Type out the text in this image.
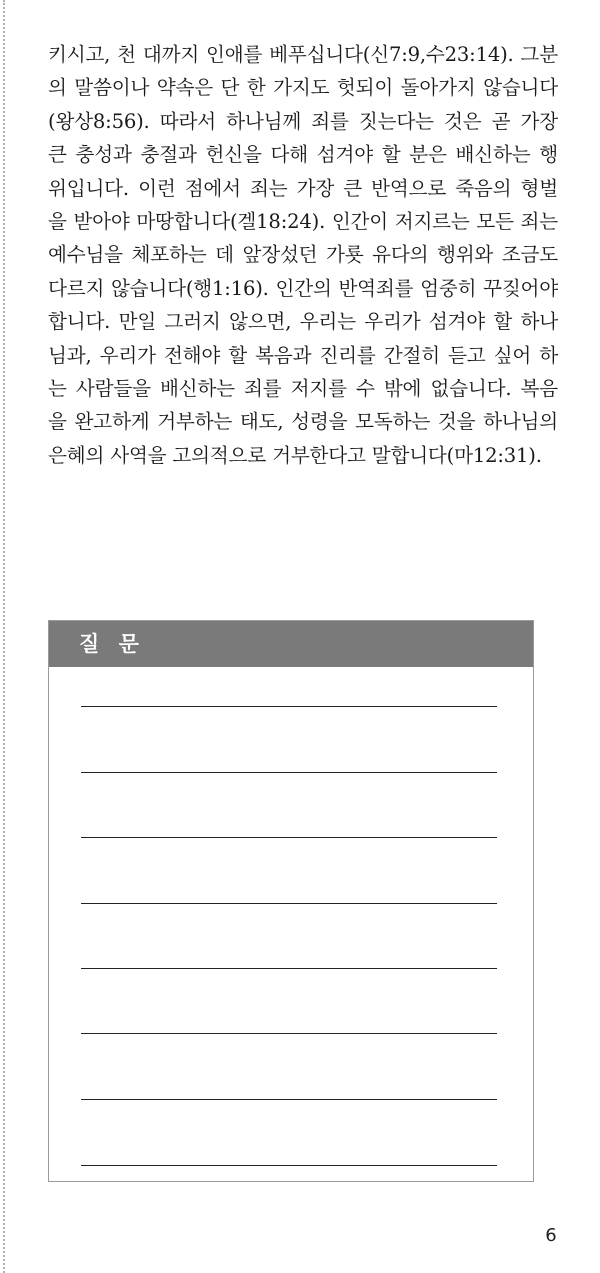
키시고, 천 대까지 인애를 베푸십니다(신7:9,수23:14). 그분
의 말씀이나 약속은 단 한 가지도 헛되이 돌아가지 않습니다
(왕상8:56). 따라서 하나님께 죄를 짓는다는 것은 곧 가장
큰 충성과 충절과 헌신을 다해 섬겨야 할 분은 배신하는 행
위입니다. 이런 점에서 죄는 가장 큰 반역으로 죽음의 형벌
을 받아야 마땅합니다(겔18:24). 인간이 저지르는 모든 죄는
예수님을 체포하는 데 앞장섰던 가룟 유다의 행위와 조금도
다르지 않습니다(행1:16). 인간의 반역죄를 엄중히 꾸짖어야
합니다. 만일 그러지 않으면, 우리는 우리가 섬겨야 할 하나
님과, 우리가 전해야 할 복음과 진리를 간절히 듣고 싶어 하
는 사람들을 배신하는 죄를 저지를 수 밖에 없습니다. 복음
을 완고하게 거부하는 태도, 성령을 모독하는 것을 하나님의
은혜의 사역을 고의적으로 거부한다고 말합니다(마12:31).
질 문
6
